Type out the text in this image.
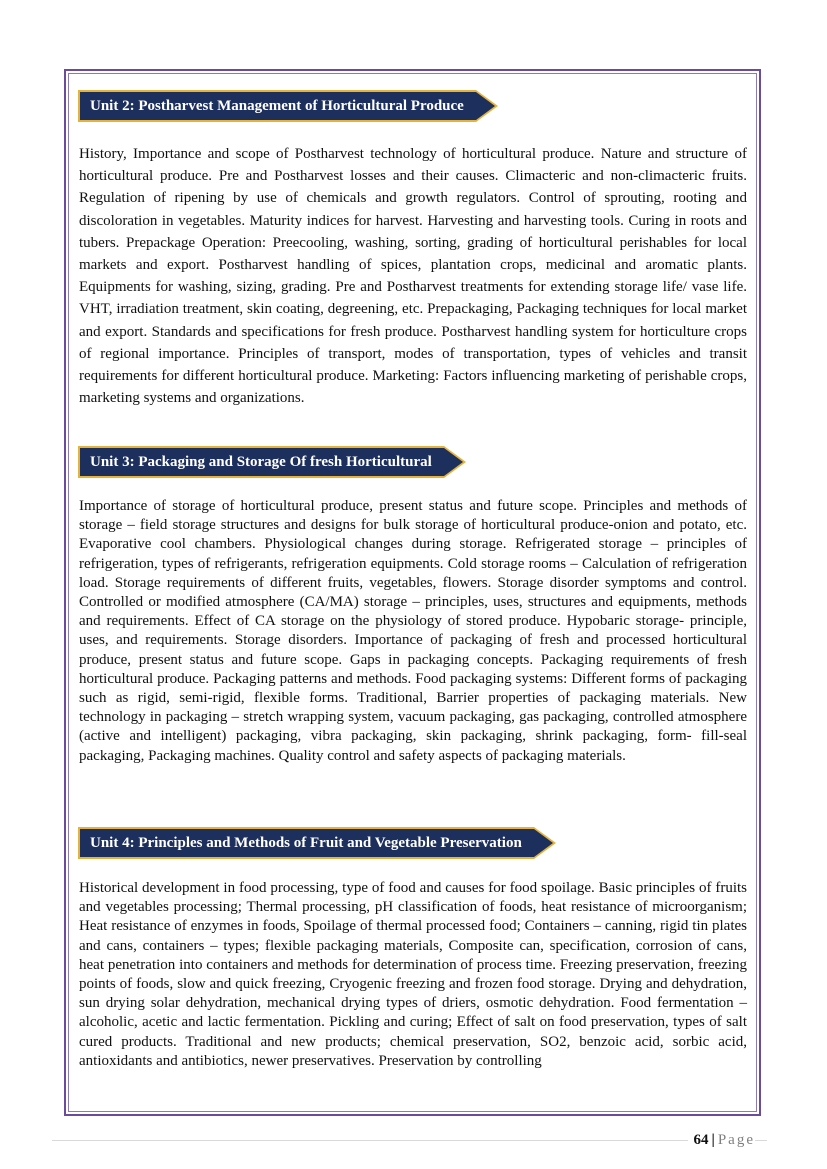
Unit 2: Postharvest Management of Horticultural Produce

History, Importance and scope of Postharvest technology of horticultural produce. Nature and structure of horticultural produce. Pre and Postharvest losses and their causes. Climacteric and non-climacteric fruits. Regulation of ripening by use of chemicals and growth regulators. Control of sprouting, rooting and discoloration in vegetables. Maturity indices for harvest. Harvesting and harvesting tools. Curing in roots and tubers. Prepackage Operation: Preecooling, washing, sorting, grading of horticultural perishables for local markets and export. Postharvest handling of spices, plantation crops, medicinal and aromatic plants. Equipments for washing, sizing, grading. Pre and Postharvest treatments for extending storage life/ vase life. VHT, irradiation treatment, skin coating, degreening, etc. Prepackaging, Packaging techniques for local market and export. Standards and specifications for fresh produce. Postharvest handling system for horticulture crops of regional importance. Principles of transport, modes of transportation, types of vehicles and transit requirements for different horticultural produce. Marketing: Factors influencing marketing of perishable crops, marketing systems and organizations.

Unit 3: Packaging and Storage Of fresh Horticultural

Importance of storage of horticultural produce, present status and future scope. Principles and methods of storage – field storage structures and designs for bulk storage of horticultural produce-onion and potato, etc. Evaporative cool chambers. Physiological changes during storage. Refrigerated storage – principles of refrigeration, types of refrigerants, refrigeration equipments. Cold storage rooms – Calculation of refrigeration load. Storage requirements of different fruits, vegetables, flowers. Storage disorder symptoms and control. Controlled or modified atmosphere (CA/MA) storage – principles, uses, structures and equipments, methods and requirements. Effect of CA storage on the physiology of stored produce. Hypobaric storage- principle, uses, and requirements. Storage disorders. Importance of packaging of fresh and processed horticultural produce, present status and future scope. Gaps in packaging concepts. Packaging requirements of fresh horticultural produce. Packaging patterns and methods. Food packaging systems: Different forms of packaging such as rigid, semi-rigid, flexible forms. Traditional, Barrier properties of packaging materials. New technology in packaging – stretch wrapping system, vacuum packaging, gas packaging, controlled atmosphere (active and intelligent) packaging, vibra packaging, skin packaging, shrink packaging, form- fill-seal packaging, Packaging machines. Quality control and safety aspects of packaging materials.

Unit 4: Principles and Methods of Fruit and Vegetable Preservation

Historical development in food processing, type of food and causes for food spoilage. Basic principles of fruits and vegetables processing; Thermal processing, pH classification of foods, heat resistance of microorganism; Heat resistance of enzymes in foods, Spoilage of thermal processed food; Containers – canning, rigid tin plates and cans, containers – types; flexible packaging materials, Composite can, specification, corrosion of cans, heat penetration into containers and methods for determination of process time. Freezing preservation, freezing points of foods, slow and quick freezing, Cryogenic freezing and frozen food storage. Drying and dehydration, sun drying solar dehydration, mechanical drying types of driers, osmotic dehydration. Food fermentation – alcoholic, acetic and lactic fermentation. Pickling and curing; Effect of salt on food preservation, types of salt cured products. Traditional and new products; chemical preservation, SO2, benzoic acid, sorbic acid, antioxidants and antibiotics, newer preservatives. Preservation by controlling

64 | Page
